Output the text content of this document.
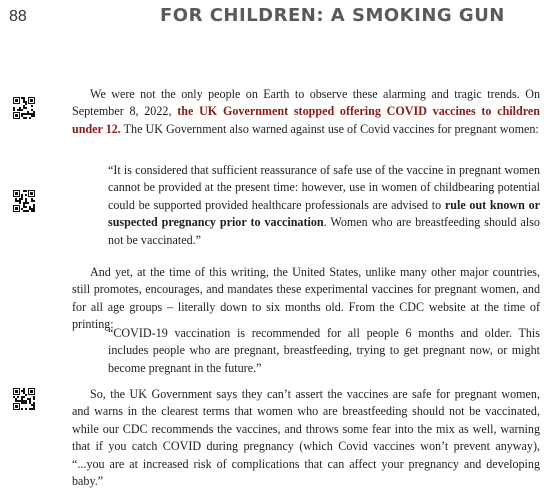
88	FOR CHILDREN: A SMOKING GUN

We were not the only people on Earth to observe these alarming and tragic trends. On September 8, 2022, the UK Government stopped offering COVID vaccines to children under 12. The UK Government also warned against use of Covid vaccines for pregnant women:

“It is considered that sufficient reassurance of safe use of the vaccine in pregnant women cannot be provided at the present time: however, use in women of childbearing potential could be supported provided healthcare professionals are advised to rule out known or suspected pregnancy prior to vaccination. Women who are breastfeeding should also not be vaccinated.”

And yet, at the time of this writing, the United States, unlike many other major countries, still promotes, encourages, and mandates these experimental vaccines for pregnant women, and for all age groups – literally down to six months old. From the CDC website at the time of printing:

“COVID-19 vaccination is recommended for all people 6 months and older. This includes people who are pregnant, breastfeeding, trying to get pregnant now, or might become pregnant in the future.”

So, the UK Government says they can’t assert the vaccines are safe for pregnant women, and warns in the clearest terms that women who are breastfeeding should not be vaccinated, while our CDC recommends the vaccines, and throws some fear into the mix as well, warning that if you catch COVID during pregnancy (which Covid vaccines won’t prevent anyway), “...you are at increased risk of complications that can affect your pregnancy and developing baby.”
